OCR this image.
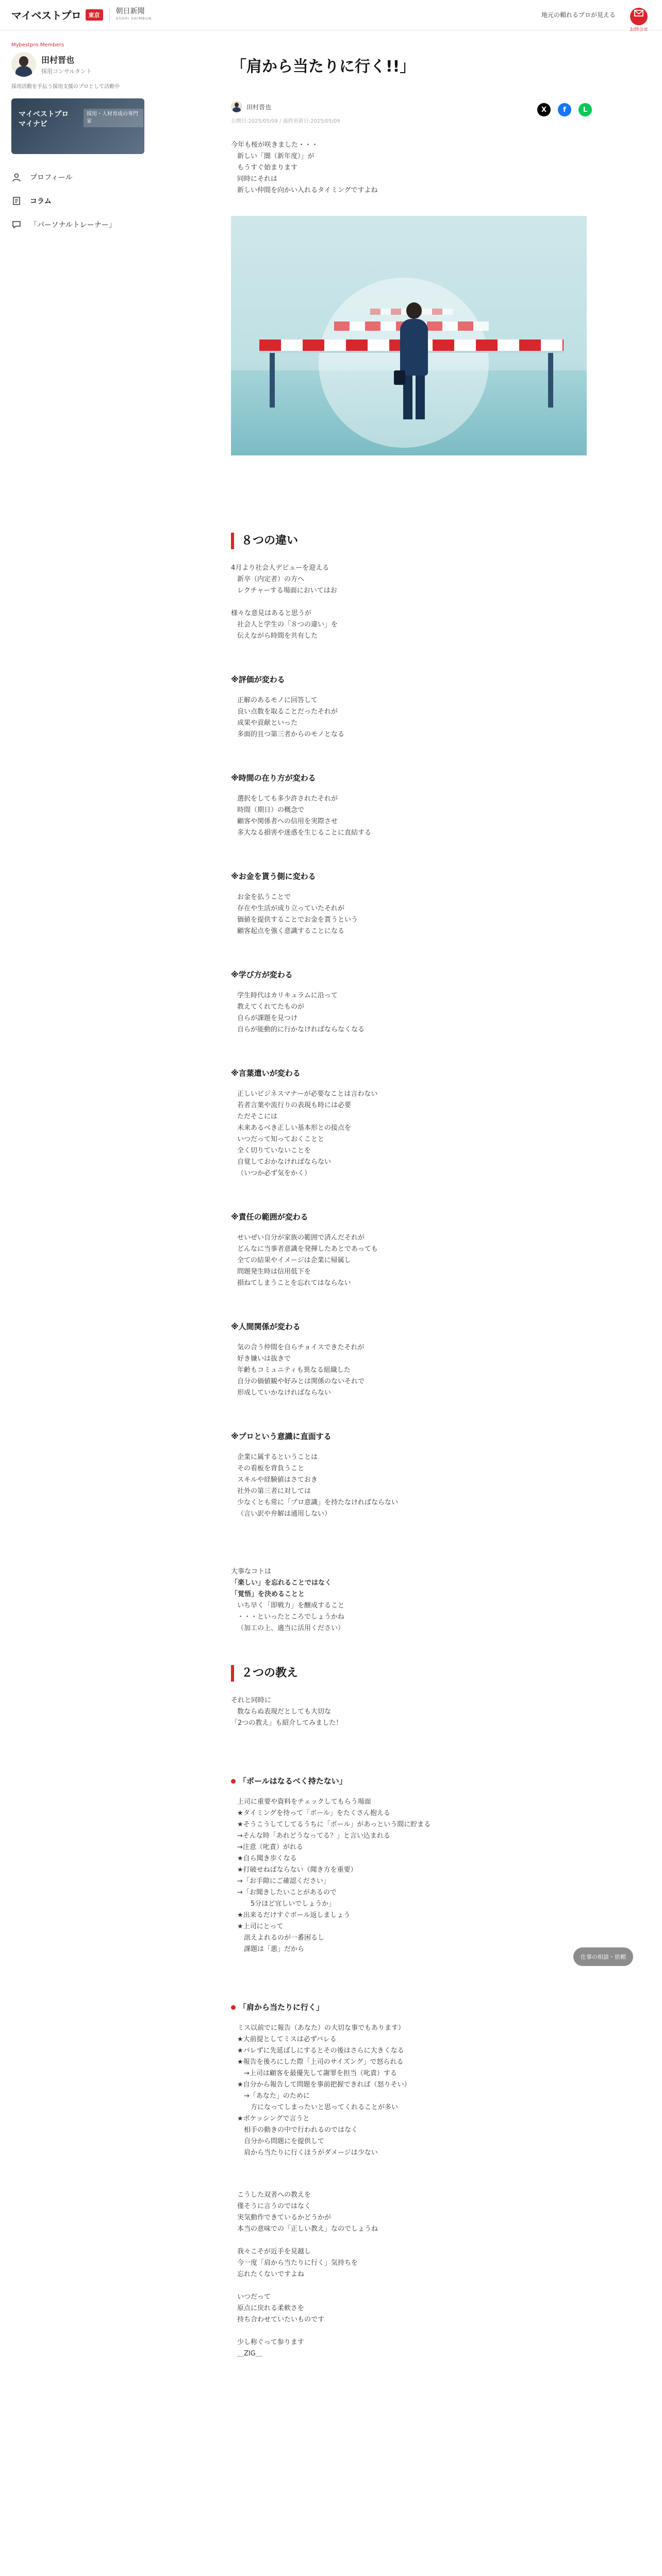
マイベストプロ	東京	朝日新聞
ASAHI SHIMBUN	地元の頼れるプロが見える
お問合せ
Mybestpro Members
田村晋也
採用コンサルタント
採用活動を手伝う採用支援のプロとして活動中
マイベストプロ
マイナビ
採用・人材育成の専門家
プロフィール
コラム
「パーソナルトレーナー」
「肩から当たりに行く!!」
田村晋也
公開日:2025/05/09 / 最終更新日:2025/05/09
X	f	L
今年も桜が咲きました・・・
新しい「闇（新年度）」が
もうすぐ始まります
同時にそれは
新しい仲間を向かい入れるタイミングですよね
８つの違い
4月より社会人デビューを迎える
新卒（内定者）の方へ
レクチャーする場面においてはお

様々な意見はあると思うが
社会人と学生の「８つの違い」を
伝えながら時間を共有した
※評価が変わる
正解のあるモノに回答して
良い点数を取ることだったそれが
成果や貢献といった
多面的且つ第三者からのモノとなる
※時間の在り方が変わる
選択をしても多少許されたそれが
時間（期日）の概念で
顧客や関係者への信用を実際させ
多大なる損害や迷惑を生じることに直結する
※お金を貰う側に変わる
お金を払うことで
存在や生活が成り立っていたそれが
価値を提供することでお金を貰うという
顧客起点を強く意識することになる
※学び方が変わる
学生時代はカリキュラムに沿って
教えてくれてたものが
自らが課題を見つけ
自らが能動的に行かなければならなくなる
※言葉遣いが変わる
正しいビジネスマナーが必要なことは言わない
若者言葉や流行りの表現も時には必要
ただそこには
未来あるべき正しい基本形との接点を
いつだって知っておくことと
全く切りていないことを
自覚しておかなければならない
（いつか必ず気をかく）
※責任の範囲が変わる
せいぜい自分が家族の範囲で済んだそれが
どんなに当事者意識を発揮したあとであっても
全ての結果やイメージは企業に帰属し
問題発生時は信用低下を
損ねてしまうことを忘れてはならない
※人間関係が変わる
気の合う仲間を自らチョイスできたそれが
好き嫌いは抜きで
年齢もコミュニティも異なる組織した
自分の価値観や好みとは関係のないそれで
形成していかなければならない
※プロという意識に直面する
企業に属するということは
その看板を背負うこと
スキルや経験値はさておき
社外の第三者に対しては
少なくとも常に「プロ意識」を持たなければならない
（言い訳や弁解は通用しない）
大事なコトは
「楽しい」を忘れることではなく
「覚悟」を決めることと
いち早く「即戦力」を醸成すること
・・・といったところでしょうかね
（加工の上、適当に活用ください）
２つの教え
それと同時に
数ならぬ表現だとしても大切な
「2つの教え」も紹介してみました！
「ボールはなるべく持たない」
上司に重要や資料をチェックしてもらう場面
★タイミングを待って「ボール」をたくさん抱える
★そうこうしてしてるうちに「ボール」があっという間に貯まる
→そんな時「あれどうなってる？」と言い込まれる
→注意（叱責）がれる
★自ら聞き歩くなる
★打破せねばならない（聞き方を重要）
→「お手隙にご確認ください」
→「お聞きしたいことがあるので
　　5分ほど宜しいでしょうか」
★出来るだけすぐボール返しましょう
★上司にとって
　訊えよれるのが一番困るし
　課題は「悪」だから
「肩から当たりに行く」
ミス以前でに報告（あなた）の大切な事でもあります）
★大前提としてミスは必ずバレる
★バレずに先延ばしにするとその後はさらに大きくなる
★報告を後ろにした際「上司のサイズング」で怒られる
　→上司は顧客を最優先して謝罪を担当（叱責）する
★自分から報告して問題を事前把握できれば（怒りそい）
　→「あなた」のために
　　方になってしまったいと思ってくれることが多い
★ボケッシングで言うと
　相手の動きの中で行われるのではなく
　自分から問題にを提供して
　肩から当たりに行くほうがダメージは少ない
こうした双者への教えを
僅そうに言うのではなく
実気動作できているかどうかが
本当の意味での「正しい教え」なのでしょうね

我々こそが近手を見越し
今一度「肩から当たりに行く」気持ちを
忘れたくないですよね

いつだって
原点に戻れる柔軟さを
持ち合わせていたいものです

少し称ぐって参ります
＿ZIG＿
仕事の相談・依頼
